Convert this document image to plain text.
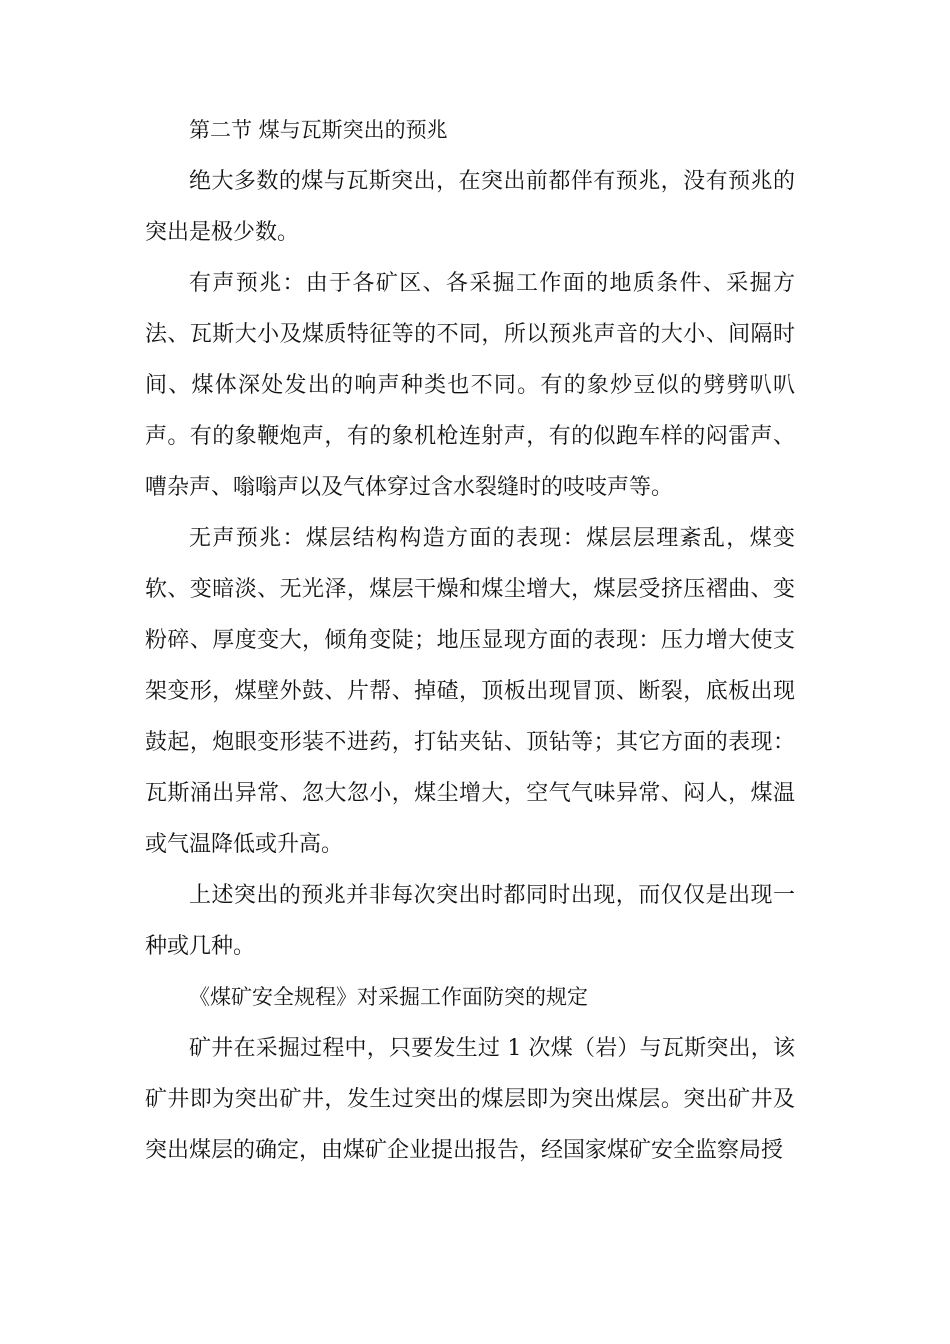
第二节 煤与瓦斯突出的预兆

绝大多数的煤与瓦斯突出，在突出前都伴有预兆，没有预兆的突出是极少数。

有声预兆：由于各矿区、各采掘工作面的地质条件、采掘方法、瓦斯大小及煤质特征等的不同，所以预兆声音的大小、间隔时间、煤体深处发出的响声种类也不同。有的象炒豆似的劈劈叭叭声。有的象鞭炮声，有的象机枪连射声，有的似跑车样的闷雷声、嘈杂声、嗡嗡声以及气体穿过含水裂缝时的吱吱声等。

无声预兆：煤层结构构造方面的表现：煤层层理紊乱，煤变软、变暗淡、无光泽，煤层干燥和煤尘增大，煤层受挤压褶曲、变粉碎、厚度变大，倾角变陡；地压显现方面的表现：压力增大使支架变形，煤壁外鼓、片帮、掉碴，顶板出现冒顶、断裂，底板出现鼓起，炮眼变形装不进药，打钻夹钻、顶钻等；其它方面的表现：瓦斯涌出异常、忽大忽小，煤尘增大，空气气味异常、闷人，煤温或气温降低或升高。

上述突出的预兆并非每次突出时都同时出现，而仅仅是出现一种或几种。

《煤矿安全规程》对采掘工作面防突的规定

矿井在采掘过程中，只要发生过 1 次煤（岩）与瓦斯突出，该矿井即为突出矿井，发生过突出的煤层即为突出煤层。突出矿井及突出煤层的确定，由煤矿企业提出报告，经国家煤矿安全监察局授
